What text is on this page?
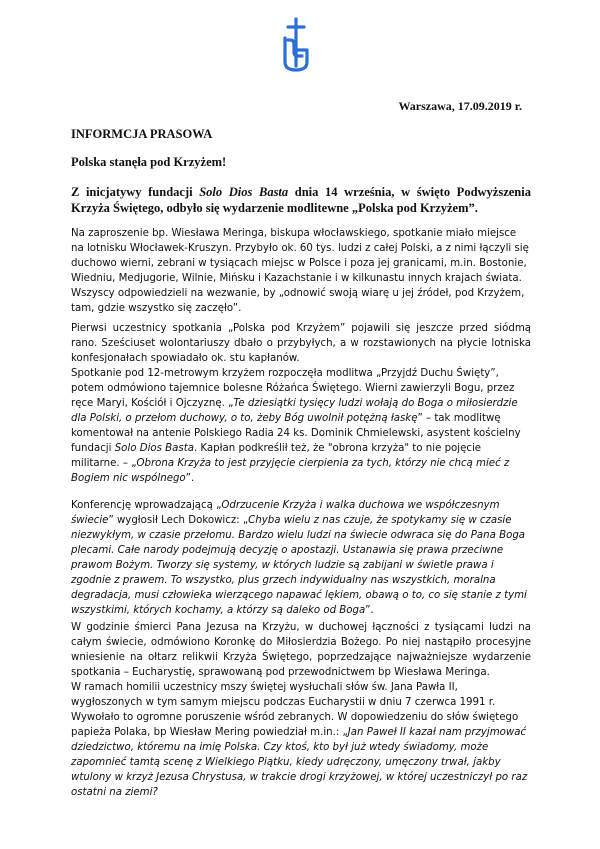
Warszawa, 17.09.2019 r.
INFORMCJA PRASOWA
Polska stanęła pod Krzyżem!
Z inicjatywy fundacji Solo Dios Basta dnia 14 września, w święto Podwyższenia Krzyża Świętego, odbyło się wydarzenie modlitewne „Polska pod Krzyżem”.

Na zaproszenie bp. Wiesława Meringa, biskupa włocławskiego, spotkanie miało miejsce na lotnisku Włocławek-Kruszyn. Przybyło ok. 60 tys. ludzi z całej Polski, a z nimi łączyli się duchowo wierni, zebrani w tysiącach miejsc w Polsce i poza jej granicami, m.in. Bostonie, Wiedniu, Medjugorie, Wilnie, Mińsku i Kazachstanie i w kilkunastu innych krajach świata. Wszyscy odpowiedzieli na wezwanie, by „odnowić swoją wiarę u jej źródeł, pod Krzyżem, tam, gdzie wszystko się zaczęło”.

Pierwsi uczestnicy spotkania „Polska pod Krzyżem” pojawili się jeszcze przed siódmą rano. Sześciuset wolontariuszy dbało o przybyłych, a w rozstawionych na płycie lotniska konfesjonałach spowiadało ok. stu kapłanów.

Spotkanie pod 12-metrowym krzyżem rozpoczęła modlitwa „Przyjdź Duchu Święty”, potem odmówiono tajemnice bolesne Różańca Świętego. Wierni zawierzyli Bogu, przez ręce Maryi, Kościół i Ojczyznę. „Te dziesiątki tysięcy ludzi wołają do Boga o miłosierdzie dla Polski, o przełom duchowy, o to, żeby Bóg uwolnił potężną łaskę” – tak modlitwę komentował na antenie Polskiego Radia 24 ks. Dominik Chmielewski, asystent kościelny fundacji Solo Dios Basta. Kapłan podkreślił też, że "obrona krzyża" to nie pojęcie militarne. – „Obrona Krzyża to jest przyjęcie cierpienia za tych, którzy nie chcą mieć z Bogiem nic wspólnego”.

Konferencję wprowadzającą „Odrzucenie Krzyża i walka duchowa we współczesnym świecie” wygłosił Lech Dokowicz: „Chyba wielu z nas czuje, że spotykamy się w czasie niezwykłym, w czasie przełomu. Bardzo wielu ludzi na świecie odwraca się do Pana Boga plecami. Całe narody podejmują decyzję o apostazji. Ustanawia się prawa przeciwne prawom Bożym. Tworzy się systemy, w których ludzie są zabijani w świetle prawa i zgodnie z prawem. To wszystko, plus grzech indywidualny nas wszystkich, moralna degradacja, musi człowieka wierzącego napawać lękiem, obawą o to, co się stanie z tymi wszystkimi, których kochamy, a którzy są daleko od Boga”.

W godzinie śmierci Pana Jezusa na Krzyżu, w duchowej łączności z tysiącami ludzi na całym świecie, odmówiono Koronkę do Miłosierdzia Bożego. Po niej nastąpiło procesyjne wniesienie na ołtarz relikwii Krzyża Świętego, poprzedzające najważniejsze wydarzenie spotkania – Eucharystię, sprawowaną pod przewodnictwem bp Wiesława Meringa.

W ramach homilii uczestnicy mszy świętej wysłuchali słów św. Jana Pawła II, wygłoszonych w tym samym miejscu podczas Eucharystii w dniu 7 czerwca 1991 r. Wywołało to ogromne poruszenie wśród zebranych. W dopowiedzeniu do słów świętego papieża Polaka, bp Wiesław Mering powiedział m.in.: „Jan Paweł II kazał nam przyjmować dziedzictwo, któremu na imię Polska. Czy ktoś, kto był już wtedy świadomy, może zapomnieć tamtą scenę z Wielkiego Piątku, kiedy udręczony, umęczony trwał, jakby wtulony w krzyż Jezusa Chrystusa, w trakcie drogi krzyżowej, w której uczestniczył po raz ostatni na ziemi?
